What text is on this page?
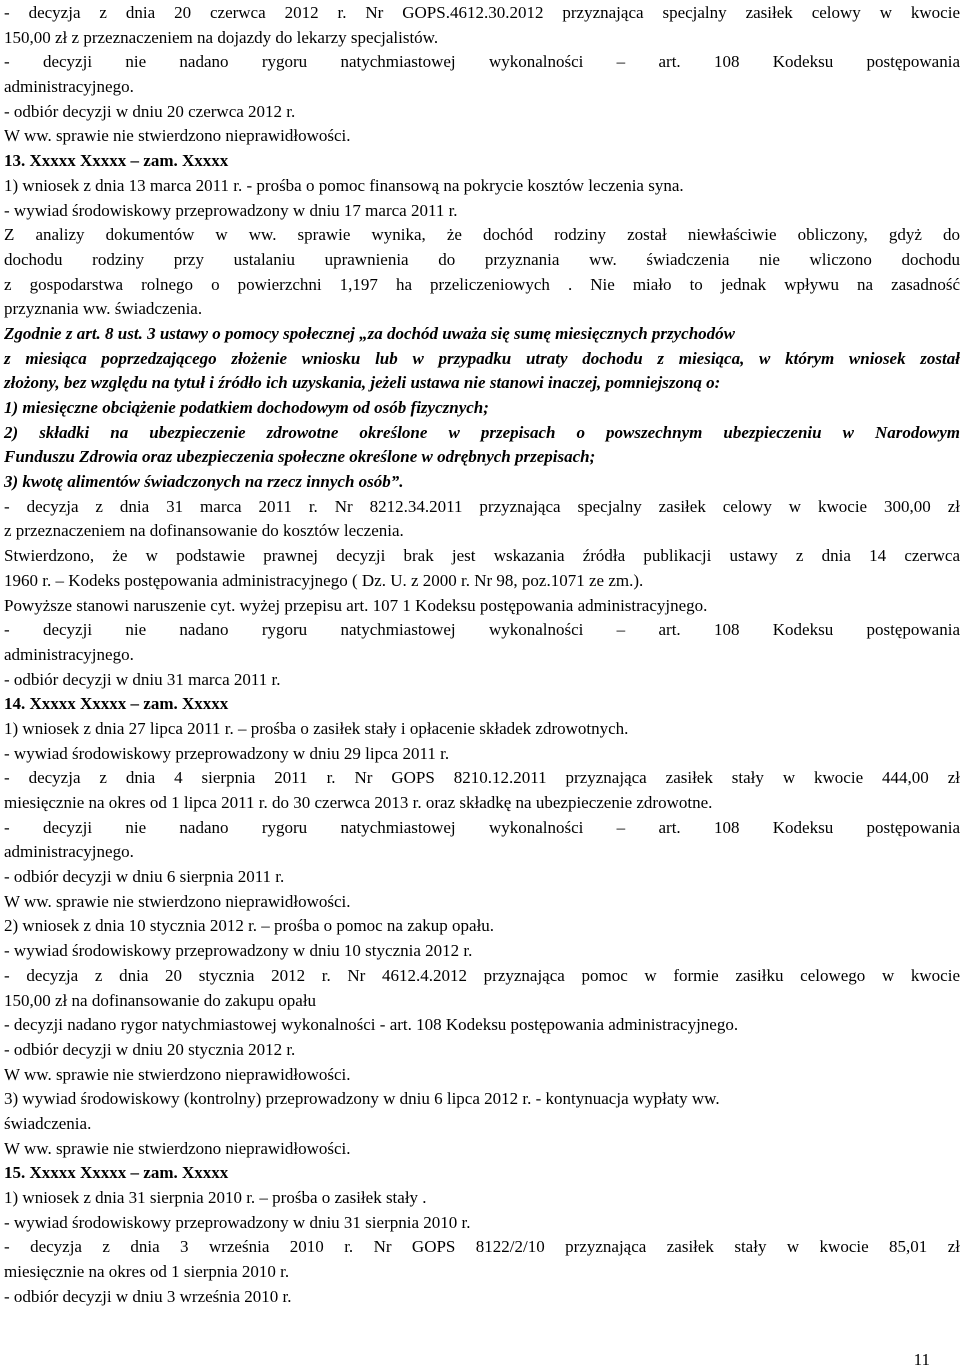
- decyzja z dnia 20 czerwca 2012 r. Nr GOPS.4612.30.2012 przyznająca specjalny zasiłek celowy w kwocie
150,00 zł z przeznaczeniem na dojazdy do lekarzy specjalistów.
- decyzji nie nadano rygoru natychmiastowej wykonalności – art. 108 Kodeksu postępowania
administracyjnego.
- odbiór decyzji w dniu 20 czerwca 2012 r.
W ww. sprawie nie stwierdzono nieprawidłowości.
13. Xxxxx Xxxxx – zam. Xxxxx
1) wniosek z dnia 13 marca 2011 r. - prośba o pomoc finansową na pokrycie kosztów leczenia syna.
- wywiad środowiskowy przeprowadzony w dniu 17 marca 2011 r.
Z analizy dokumentów w ww. sprawie wynika, że dochód rodziny został niewłaściwie obliczony, gdyż do
dochodu rodziny przy ustalaniu uprawnienia do przyznania ww. świadczenia nie wliczono dochodu
z gospodarstwa rolnego o powierzchni 1,197 ha przeliczeniowych . Nie miało to jednak wpływu na zasadność
przyznania ww. świadczenia.
Zgodnie z art. 8 ust. 3 ustawy o pomocy społecznej „za dochód uważa się sumę miesięcznych przychodów
z miesiąca poprzedzającego złożenie wniosku lub w przypadku utraty dochodu z miesiąca, w którym wniosek został
złożony, bez względu na tytuł i źródło ich uzyskania, jeżeli ustawa nie stanowi inaczej, pomniejszoną o:
1) miesięczne obciążenie podatkiem dochodowym od osób fizycznych;
2) składki na ubezpieczenie zdrowotne określone w przepisach o powszechnym ubezpieczeniu w Narodowym
Funduszu Zdrowia oraz ubezpieczenia społeczne określone w odrębnych przepisach;
3) kwotę alimentów świadczonych na rzecz innych osób”.
- decyzja z dnia 31 marca 2011 r. Nr 8212.34.2011 przyznająca specjalny zasiłek celowy w kwocie 300,00 zł
z przeznaczeniem na dofinansowanie do kosztów leczenia.
Stwierdzono, że w podstawie prawnej decyzji brak jest wskazania źródła publikacji ustawy z dnia 14 czerwca
1960 r. – Kodeks postępowania administracyjnego ( Dz. U. z 2000 r. Nr 98, poz.1071 ze zm.).
Powyższe stanowi naruszenie cyt. wyżej przepisu art. 107 1 Kodeksu postępowania administracyjnego.
- decyzji nie nadano rygoru natychmiastowej wykonalności – art. 108 Kodeksu postępowania
administracyjnego.
- odbiór decyzji w dniu 31 marca 2011 r.
14. Xxxxx Xxxxx – zam. Xxxxx
1) wniosek z dnia 27 lipca 2011 r. – prośba o zasiłek stały i opłacenie składek zdrowotnych.
- wywiad środowiskowy przeprowadzony w dniu 29 lipca 2011 r.
- decyzja z dnia 4 sierpnia 2011 r. Nr GOPS 8210.12.2011 przyznająca zasiłek stały w kwocie 444,00 zł
miesięcznie na okres od 1 lipca 2011 r. do 30 czerwca 2013 r. oraz składkę na ubezpieczenie zdrowotne.
- decyzji nie nadano rygoru natychmiastowej wykonalności – art. 108 Kodeksu postępowania
administracyjnego.
- odbiór decyzji w dniu 6 sierpnia 2011 r.
W ww. sprawie nie stwierdzono nieprawidłowości.
2) wniosek z dnia 10 stycznia 2012 r. – prośba o pomoc na zakup opału.
- wywiad środowiskowy przeprowadzony w dniu 10 stycznia 2012 r.
- decyzja z dnia 20 stycznia 2012 r. Nr 4612.4.2012 przyznająca pomoc w formie zasiłku celowego w kwocie
150,00 zł na dofinansowanie do zakupu opału
- decyzji nadano rygor natychmiastowej wykonalności - art. 108 Kodeksu postępowania administracyjnego.
- odbiór decyzji w dniu 20 stycznia 2012 r.
W ww. sprawie nie stwierdzono nieprawidłowości.
3) wywiad środowiskowy (kontrolny) przeprowadzony w dniu 6 lipca 2012 r. - kontynuacja wypłaty ww.
świadczenia.
W ww. sprawie nie stwierdzono nieprawidłowości.
15. Xxxxx Xxxxx – zam. Xxxxx
1) wniosek z dnia 31 sierpnia 2010 r. – prośba o zasiłek stały .
- wywiad środowiskowy przeprowadzony w dniu 31 sierpnia 2010 r.
- decyzja z dnia 3 września 2010 r. Nr GOPS 8122/2/10 przyznająca zasiłek stały w kwocie 85,01 zł
miesięcznie na okres od 1 sierpnia 2010 r.
- odbiór decyzji w dniu 3 września 2010 r.
11
